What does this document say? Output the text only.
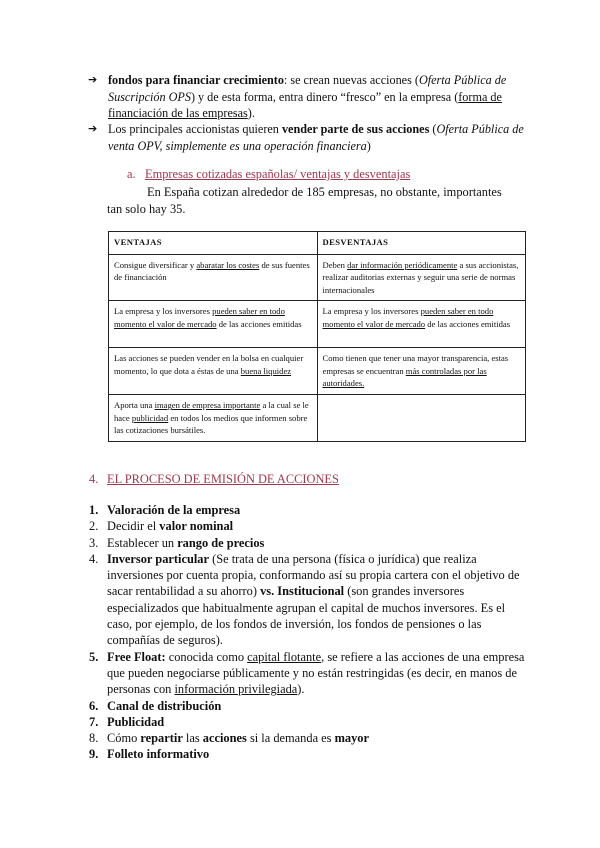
➔ fondos para financiar crecimiento: se crean nuevas acciones (Oferta Pública de Suscripción OPS) y de esta forma, entra dinero “fresco” en la empresa (forma de financiación de las empresas).
➔ Los principales accionistas quieren vender parte de sus acciones (Oferta Pública de venta OPV, simplemente es una operación financiera)
a. Empresas cotizadas españolas/ ventajas y desventajas
En España cotizan alrededor de 185 empresas, no obstante, importantes tan solo hay 35.
VENTAJAS	DESVENTAJAS
Consigue diversificar y abaratar los costes de sus fuentes de financiación	Deben dar información periódicamente a sus accionistas, realizar auditorias externas y seguir una serie de normas internacionales
La empresa y los inversores pueden saber en todo momento el valor de mercado de las acciones emitidas	La empresa y los inversores pueden saber en todo momento el valor de mercado de las acciones emitidas
Las acciones se pueden vender en la bolsa en cualquier momento, lo que dota a éstas de una buena liquidez	Como tienen que tener una mayor transparencia, estas empresas se encuentran más controladas por las autoridades.
Aporta una imagen de empresa importante a la cual se le hace publicidad en todos los medios que informen sobre las cotizaciones bursátiles.	
4. EL PROCESO DE EMISIÓN DE ACCIONES
1. Valoración de la empresa
2. Decidir el valor nominal
3. Establecer un rango de precios
4. Inversor particular (Se trata de una persona (física o jurídica) que realiza inversiones por cuenta propia, conformando así su propia cartera con el objetivo de sacar rentabilidad a su ahorro) vs. Institucional (son grandes inversores especializados que habitualmente agrupan el capital de muchos inversores. Es el caso, por ejemplo, de los fondos de inversión, los fondos de pensiones o las compañías de seguros).
5. Free Float: conocida como capital flotante, se refiere a las acciones de una empresa que pueden negociarse públicamente y no están restringidas (es decir, en manos de personas con información privilegiada).
6. Canal de distribución
7. Publicidad
8. Cómo repartir las acciones si la demanda es mayor
9. Folleto informativo
